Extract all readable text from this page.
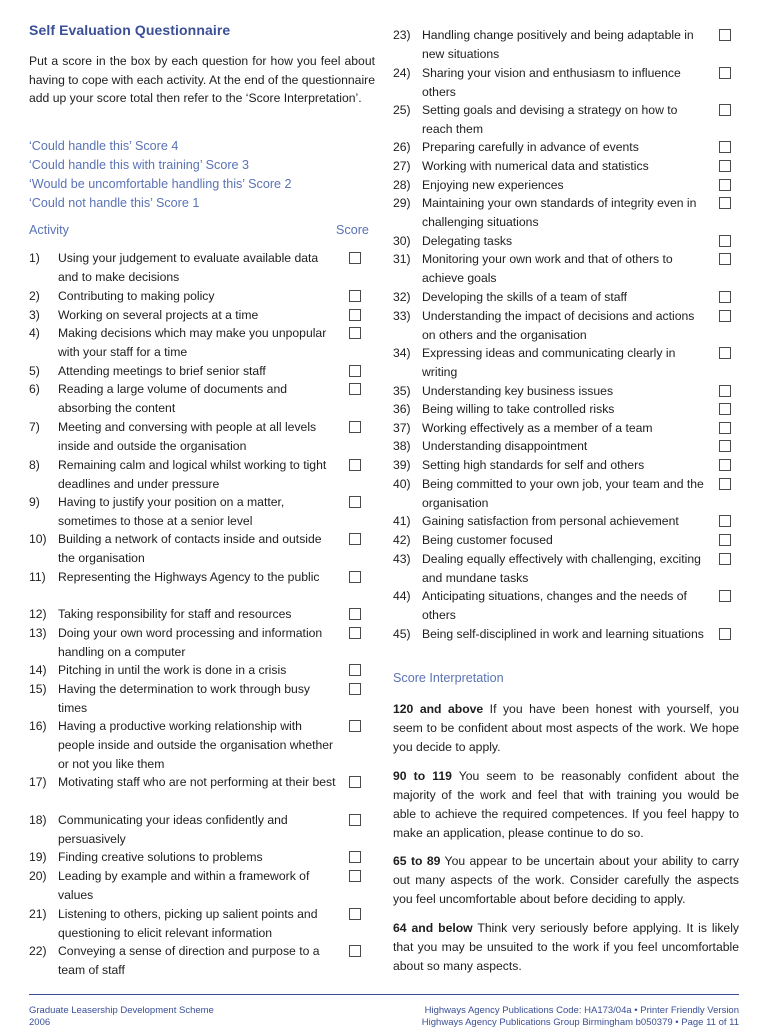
Self Evaluation Questionnaire
Put a score in the box by each question for how you feel about having to cope with each activity. At the end of the questionnaire add up your score total then refer to the ‘Score Interpretation’.
‘Could handle this’ Score 4
‘Could handle this with training’ Score 3
‘Would be uncomfortable handling this’ Score 2
‘Could not handle this’ Score 1
Activity	Score
1) Using your judgement to evaluate available data and to make decisions
2) Contributing to making policy
3) Working on several projects at a time
4) Making decisions which may make you unpopular with your staff for a time
5) Attending meetings to brief senior staff
6) Reading a large volume of documents and absorbing the content
7) Meeting and conversing with people at all levels inside and outside the organisation
8) Remaining calm and logical whilst working to tight deadlines and under pressure
9) Having to justify your position on a matter, sometimes to those at a senior level
10) Building a network of contacts inside and outside the organisation
11) Representing the Highways Agency to the public
12) Taking responsibility for staff and resources
13) Doing your own word processing and information handling on a computer
14) Pitching in until the work is done in a crisis
15) Having the determination to work through busy times
16) Having a productive working relationship with people inside and outside the organisation whether or not you like them
17) Motivating staff who are not performing at their best
18) Communicating your ideas confidently and persuasively
19) Finding creative solutions to problems
20) Leading by example and within a framework of values
21) Listening to others, picking up salient points and questioning to elicit relevant information
22) Conveying a sense of direction and purpose to a team of staff
23) Handling change positively and being adaptable in new situations
24) Sharing your vision and enthusiasm to influence others
25) Setting goals and devising a strategy on how to reach them
26) Preparing carefully in advance of events
27) Working with numerical data and statistics
28) Enjoying new experiences
29) Maintaining your own standards of integrity even in challenging situations
30) Delegating tasks
31) Monitoring your own work and that of others to achieve goals
32) Developing the skills of a team of staff
33) Understanding the impact of decisions and actions on others and the organisation
34) Expressing ideas and communicating clearly in writing
35) Understanding key business issues
36) Being willing to take controlled risks
37) Working effectively as a member of a team
38) Understanding disappointment
39) Setting high standards for self and others
40) Being committed to your own job, your team and the organisation
41) Gaining satisfaction from personal achievement
42) Being customer focused
43) Dealing equally effectively with challenging, exciting and mundane tasks
44) Anticipating situations, changes and the needs of others
45) Being self-disciplined in work and learning situations
Score Interpretation
120 and above If you have been honest with yourself, you seem to be confident about most aspects of the work. We hope you decide to apply.
90 to 119 You seem to be reasonably confident about the majority of the work and feel that with training you would be able to achieve the required competences. If you feel happy to make an application, please continue to do so.
65 to 89 You appear to be uncertain about your ability to carry out many aspects of the work. Consider carefully the aspects you feel uncomfortable about before deciding to apply.
64 and below Think very seriously before applying. It is likely that you may be unsuited to the work if you feel uncomfortable about so many aspects.
Graduate Leasership Development Scheme
2006
Highways Agency Publications Code: HA173/04a • Printer Friendly Version
Highways Agency Publications Group Birmingham b050379 • Page 11 of 11
